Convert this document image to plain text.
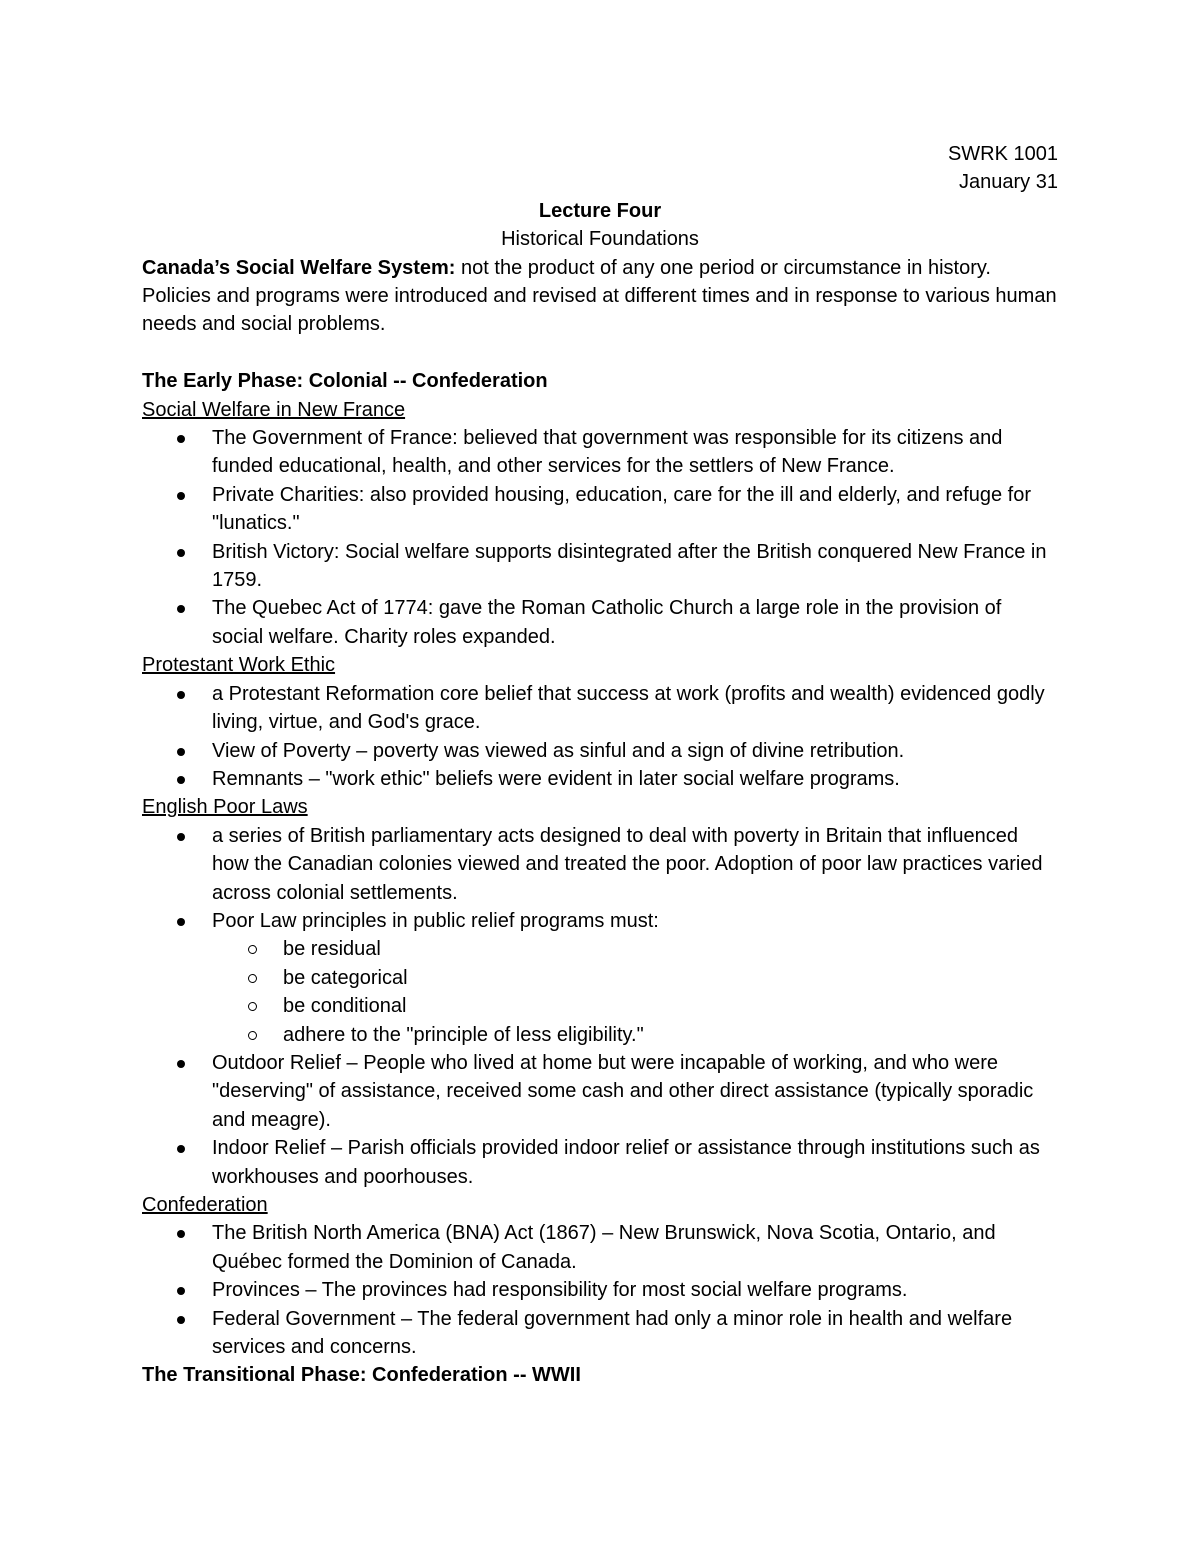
SWRK 1001

January 31

Lecture Four

Historical Foundations

Canada’s Social Welfare System: not the product of any one period or circumstance in history. Policies and programs were introduced and revised at different times and in response to various human needs and social problems.

The Early Phase: Colonial -- Confederation

Social Welfare in New France

The Government of France: believed that government was responsible for its citizens and funded educational, health, and other services for the settlers of New France.
Private Charities: also provided housing, education, care for the ill and elderly, and refuge for "lunatics."
British Victory: Social welfare supports disintegrated after the British conquered New France in 1759.
The Quebec Act of 1774: gave the Roman Catholic Church a large role in the provision of social welfare. Charity roles expanded.

Protestant Work Ethic

a Protestant Reformation core belief that success at work (profits and wealth) evidenced godly living, virtue, and God's grace.
View of Poverty – poverty was viewed as sinful and a sign of divine retribution.
Remnants – "work ethic" beliefs were evident in later social welfare programs.

English Poor Laws

a series of British parliamentary acts designed to deal with poverty in Britain that influenced how the Canadian colonies viewed and treated the poor. Adoption of poor law practices varied across colonial settlements.
Poor Law principles in public relief programs must:
be residual
be categorical
be conditional
adhere to the "principle of less eligibility."
Outdoor Relief – People who lived at home but were incapable of working, and who were "deserving" of assistance, received some cash and other direct assistance (typically sporadic and meagre).
Indoor Relief – Parish officials provided indoor relief or assistance through institutions such as workhouses and poorhouses.

Confederation

The British North America (BNA) Act (1867) – New Brunswick, Nova Scotia, Ontario, and Québec formed the Dominion of Canada.
Provinces – The provinces had responsibility for most social welfare programs.
Federal Government – The federal government had only a minor role in health and welfare services and concerns.

The Transitional Phase: Confederation -- WWII
